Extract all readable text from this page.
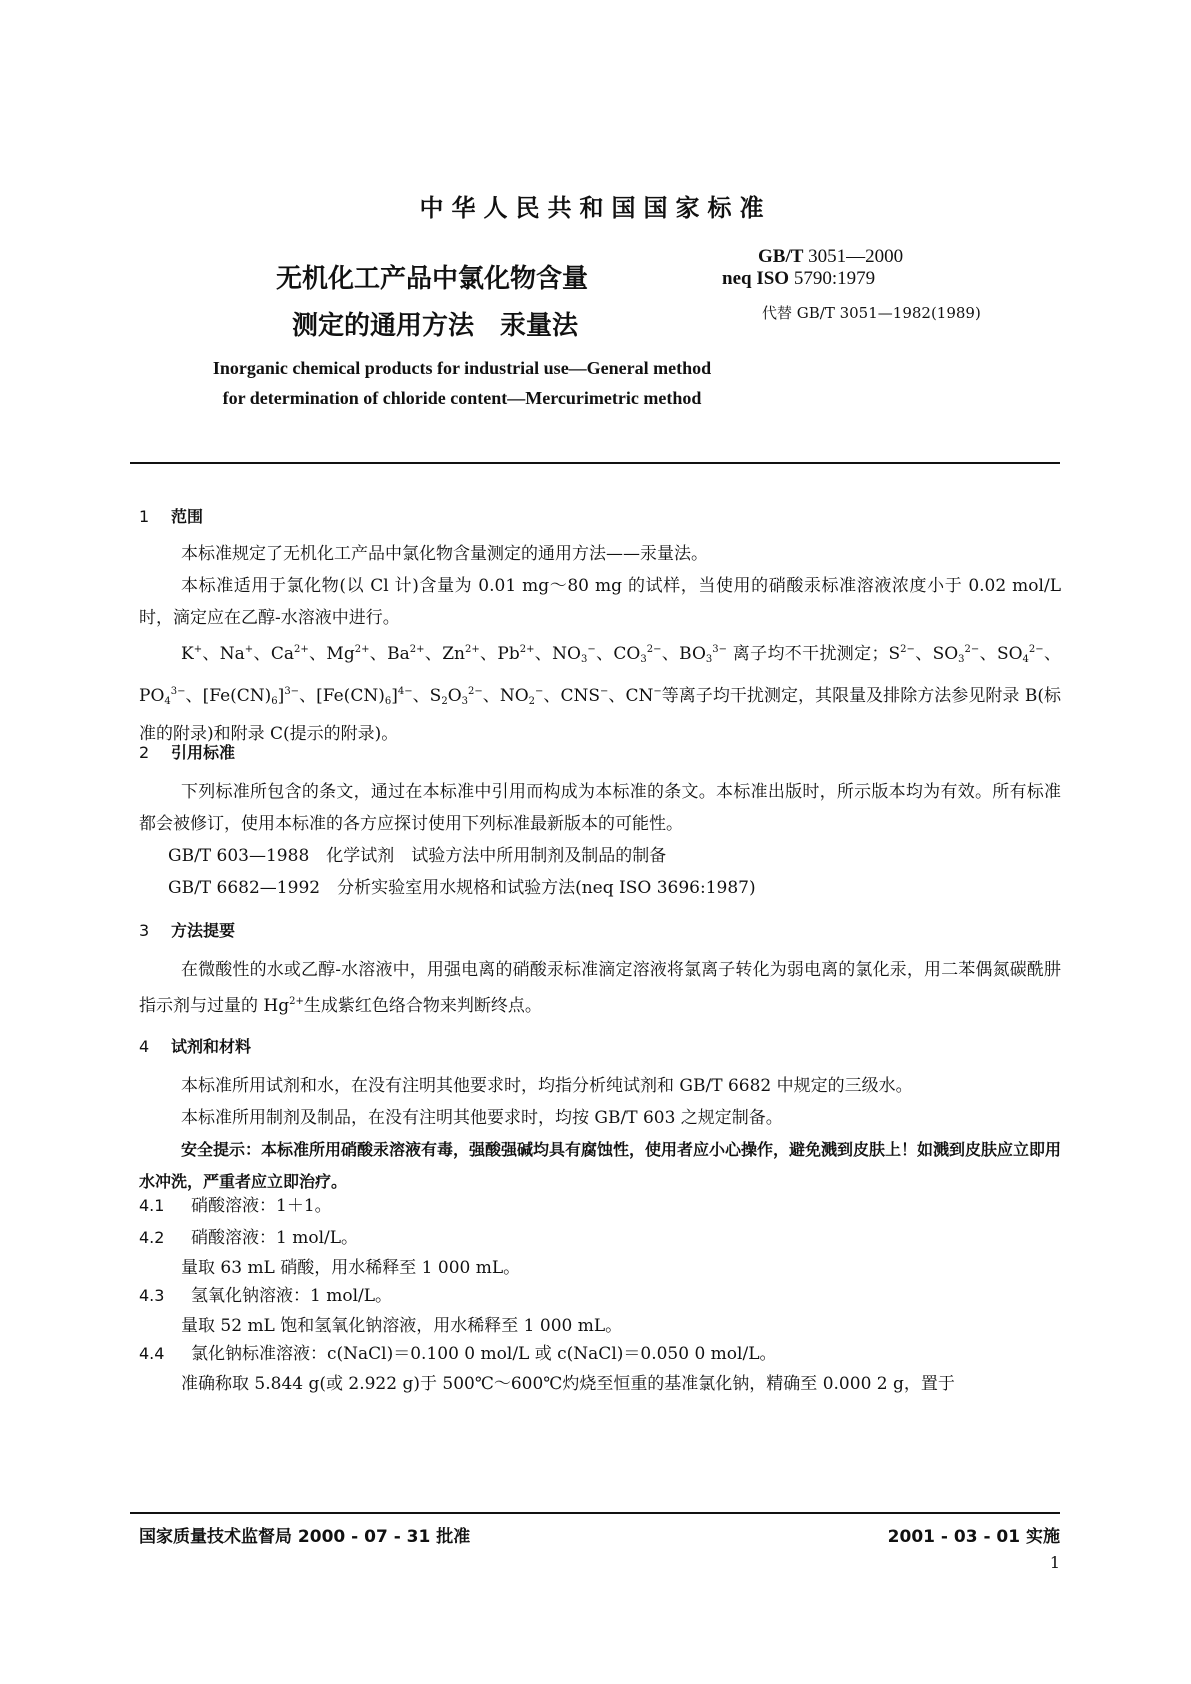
中华人民共和国国家标准
无机化工产品中氯化物含量
测定的通用方法　汞量法
GB/T 3051—2000
neq ISO 5790:1979
代替 GB/T 3051—1982(1989)
Inorganic chemical products for industrial use—General method
for determination of chloride content—Mercurimetric method
1 范围
本标准规定了无机化工产品中氯化物含量测定的通用方法——汞量法。
本标准适用于氯化物(以 Cl 计)含量为 0.01 mg～80 mg 的试样，当使用的硝酸汞标准溶液浓度小于 0.02 mol/L 时，滴定应在乙醇-水溶液中进行。
K+、Na+、$Ca^{2+}$、$Mg^{2+}$、$Ba^{2+}$、$Zn^{2+}$、$Pb^{2+}$、$NO_3^-$、$CO_3^{2-}$、$BO_3^{3-}$ 离子均不干扰测定；$S^{2-}$、$SO_3^{2-}$、$SO_4^{2-}$、$PO_4^{3-}$、$[Fe(CN)_6]^{3-}$、$[Fe(CN)_6]^{4-}$、$S_2O_3^{2-}$、$NO_2^-$、CNS−、CN−等离子均干扰测定，其限量及排除方法参见附录 B(标准的附录)和附录 C(提示的附录)。
2 引用标准
下列标准所包含的条文，通过在本标准中引用而构成为本标准的条文。本标准出版时，所示版本均为有效。所有标准都会被修订，使用本标准的各方应探讨使用下列标准最新版本的可能性。
GB/T 603—1988　化学试剂　试验方法中所用制剂及制品的制备
GB/T 6682—1992　分析实验室用水规格和试验方法(neq ISO 3696:1987)
3 方法提要
在微酸性的水或乙醇-水溶液中，用强电离的硝酸汞标准滴定溶液将氯离子转化为弱电离的氯化汞，用二苯偶氮碳酰肼指示剂与过量的 $Hg^{2+}$生成紫红色络合物来判断终点。
4 试剂和材料
本标准所用试剂和水，在没有注明其他要求时，均指分析纯试剂和 GB/T 6682 中规定的三级水。
本标准所用制剂及制品，在没有注明其他要求时，均按 GB/T 603 之规定制备。
安全提示：本标准所用硝酸汞溶液有毒，强酸强碱均具有腐蚀性，使用者应小心操作，避免溅到皮肤上！如溅到皮肤应立即用水冲洗，严重者应立即治疗。
4.1 硝酸溶液：1＋1。
4.2 硝酸溶液：1 mol/L。
量取 63 mL 硝酸，用水稀释至 1 000 mL。
4.3 氢氧化钠溶液：1 mol/L。
量取 52 mL 饱和氢氧化钠溶液，用水稀释至 1 000 mL。
4.4 氯化钠标准溶液：c(NaCl)＝0.100 0 mol/L 或 c(NaCl)＝0.050 0 mol/L。
准确称取 5.844 g(或 2.922 g)于 500℃～600℃灼烧至恒重的基准氯化钠，精确至 0.000 2 g，置于
国家质量技术监督局 2000 - 07 - 31 批准	2001 - 03 - 01 实施
1
